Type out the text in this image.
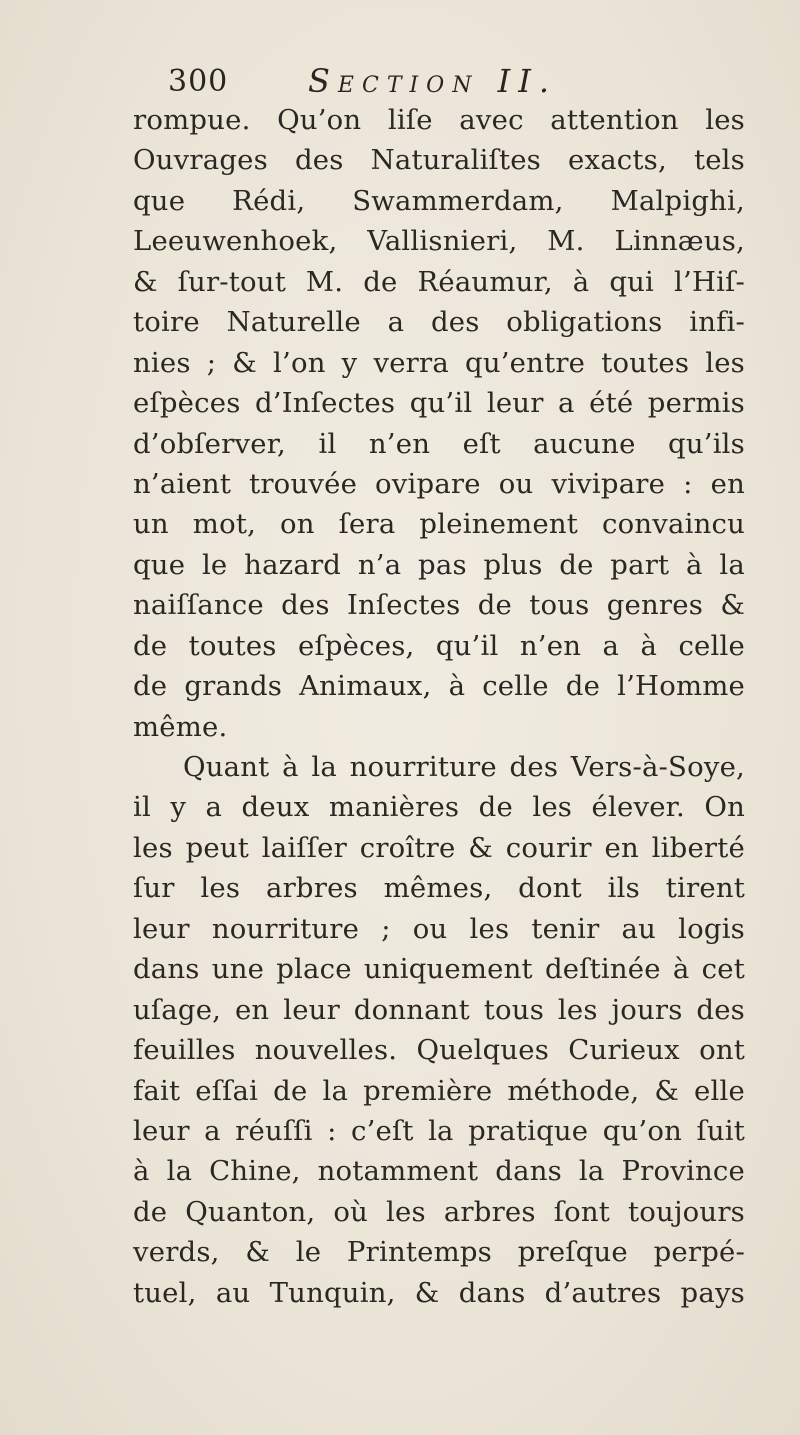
300 Section II.
rompue. Qu’on liſe avec attention les
Ouvrages des Naturaliſtes exacts, tels
que Rédi, Swammerdam, Malpighi,
Leeuwenhoek, Vallisnieri, M. Linnæus,
& ſur-tout M. de Réaumur, à qui l’Hiſ-
toire Naturelle a des obligations infi-
nies ; & l’on y verra qu’entre toutes les
eſpèces d’Inſectes qu’il leur a été permis
d’obſerver, il n’en eſt aucune qu’ils
n’aient trouvée ovipare ou vivipare : en
un mot, on ſera pleinement convaincu
que le hazard n’a pas plus de part à la
naiſſance des Inſectes de tous genres &
de toutes eſpèces, qu’il n’en a à celle
de grands Animaux, à celle de l’Homme
même.
Quant à la nourriture des Vers-à-Soye,
il y a deux manières de les élever. On
les peut laiſſer croître & courir en liberté
ſur les arbres mêmes, dont ils tirent
leur nourriture ; ou les tenir au logis
dans une place uniquement deſtinée à cet
uſage, en leur donnant tous les jours des
feuilles nouvelles. Quelques Curieux ont
fait eſſai de la première méthode, & elle
leur a réuſſi : c’eſt la pratique qu’on ſuit
à la Chine, notamment dans la Province
de Quanton, où les arbres ſont toujours
verds, & le Printemps preſque perpé-
tuel, au Tunquin, & dans d’autres pays
